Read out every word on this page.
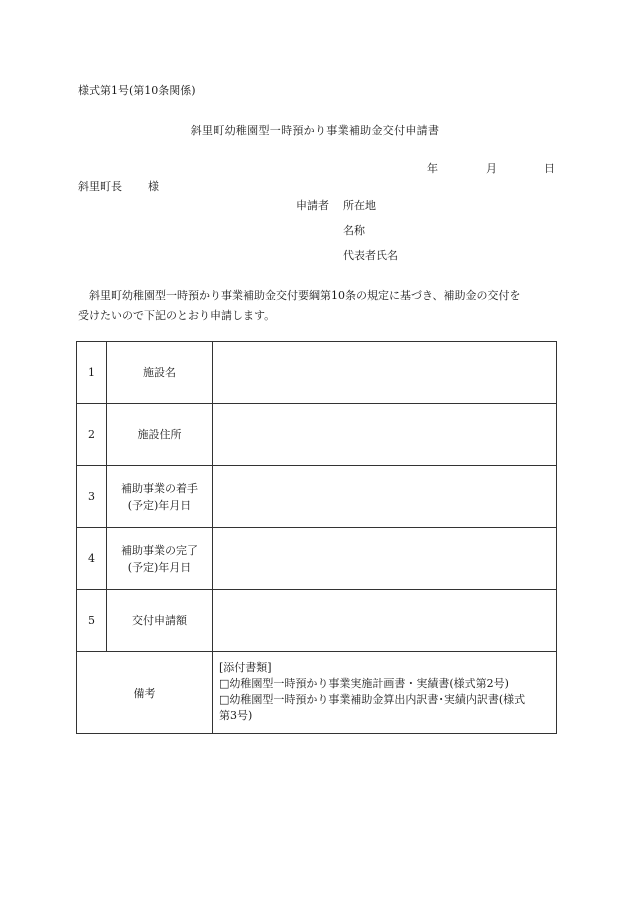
様式第1号(第10条関係)
斜里町幼稚園型一時預かり事業補助金交付申請書
年	月	日
斜里町長 様
申請者 所在地
名称
代表者氏名
斜里町幼稚園型一時預かり事業補助金交付要綱第10条の規定に基づき、補助金の交付を
受けたいので下記のとおり申請します。
1	施設名	

2	施設住所	

3	補助事業の着手
(予定)年月日	

4	補助事業の完了
(予定)年月日	

5	交付申請額	

備考		[添付書類]
□幼稚園型一時預かり事業実施計画書・実績書(様式第2号)
□幼稚園型一時預かり事業補助金算出内訳書･実績内訳書(様式
第3号)
